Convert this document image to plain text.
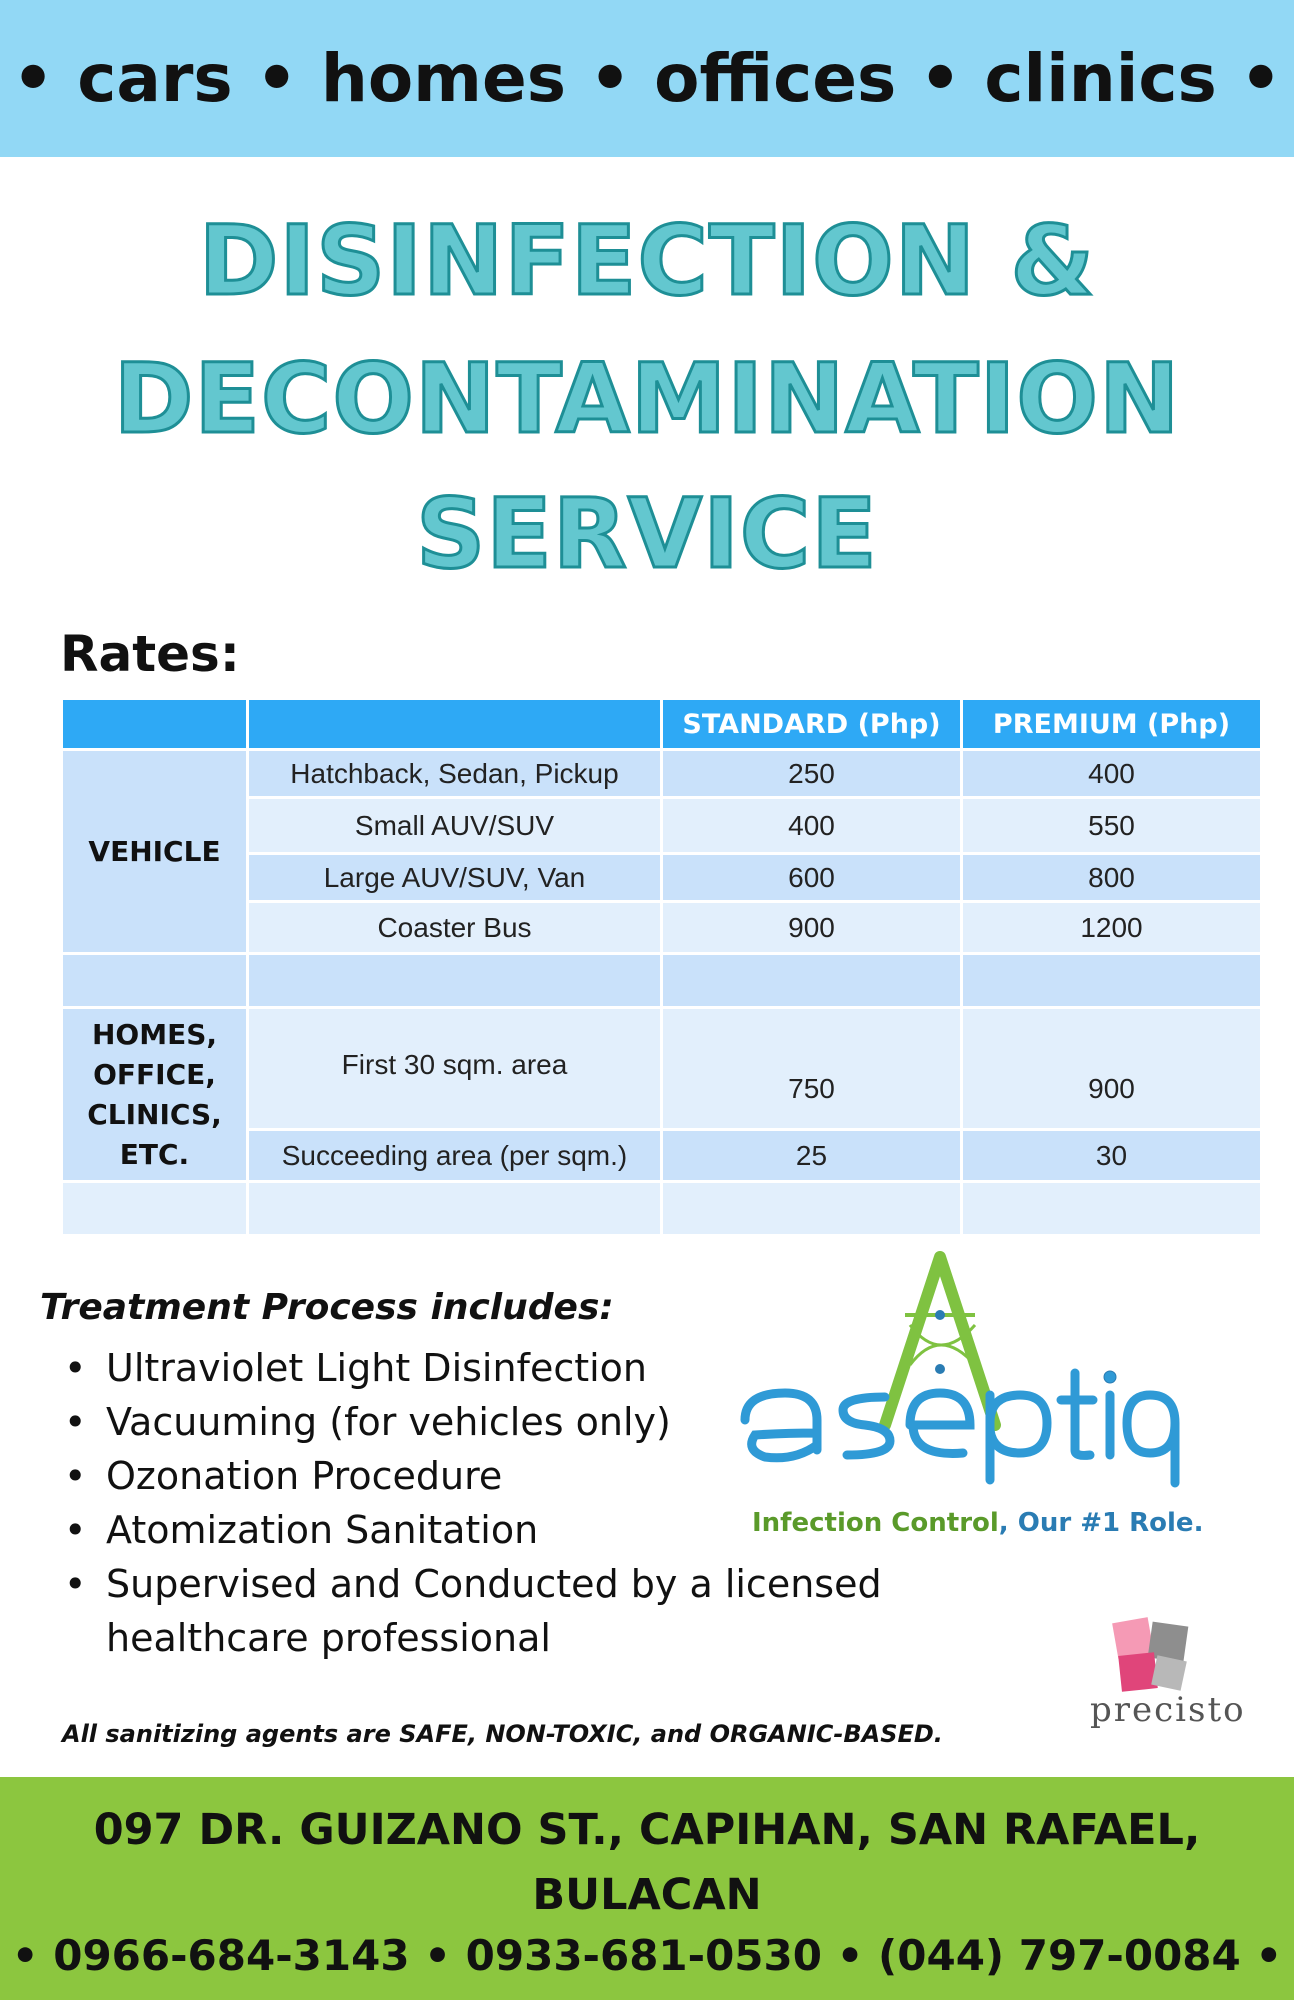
• cars • homes • offices • clinics •
DISINFECTION &
DECONTAMINATION
SERVICE
Rates:
		STANDARD (Php)	PREMIUM (Php)
VEHICLE	Hatchback, Sedan, Pickup	250	400
	Small AUV/SUV	400	550
	Large AUV/SUV, Van	600	800
	Coaster Bus	900	1200

HOMES,
OFFICE,
CLINICS,
ETC.	First 30 sqm. area	750	900
	Succeeding area (per sqm.)	25	30

Treatment Process includes:
• Ultraviolet Light Disinfection
• Vacuuming (for vehicles only)
• Ozonation Procedure
• Atomization Sanitation
• Supervised and Conducted by a licensed healthcare professional
Infection Control, Our #1 Role.
precisto
All sanitizing agents are SAFE, NON-TOXIC, and ORGANIC-BASED.
097 DR. GUIZANO ST., CAPIHAN, SAN RAFAEL,
BULACAN
• 0966-684-3143 • 0933-681-0530 • (044) 797-0084 •
